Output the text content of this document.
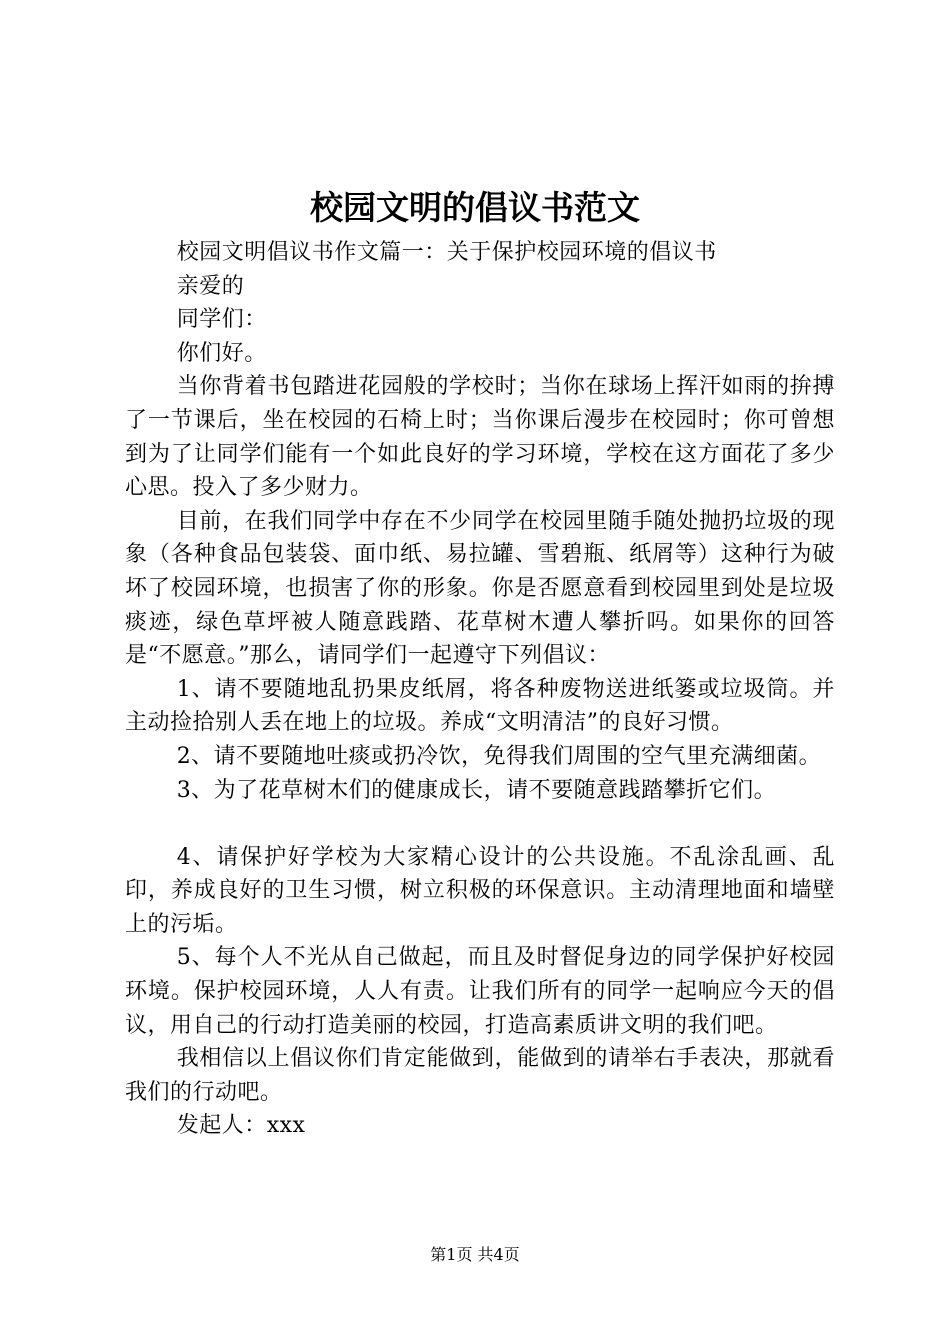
校园文明的倡议书范文

校园文明倡议书作文篇一：关于保护校园环境的倡议书

亲爱的

同学们：

你们好。

当你背着书包踏进花园般的学校时；当你在球场上挥汗如雨的拚搏了一节课后，坐在校园的石椅上时；当你课后漫步在校园时；你可曾想到为了让同学们能有一个如此良好的学习环境，学校在这方面花了多少心思。投入了多少财力。

目前，在我们同学中存在不少同学在校园里随手随处抛扔垃圾的现象（各种食品包装袋、面巾纸、易拉罐、雪碧瓶、纸屑等）这种行为破坏了校园环境，也损害了你的形象。你是否愿意看到校园里到处是垃圾痰迹，绿色草坪被人随意践踏、花草树木遭人攀折吗。如果你的回答是“不愿意。”那么，请同学们一起遵守下列倡议：

1、请不要随地乱扔果皮纸屑，将各种废物送进纸篓或垃圾筒。并主动捡拾别人丢在地上的垃圾。养成“文明清洁”的良好习惯。

2、请不要随地吐痰或扔冷饮，免得我们周围的空气里充满细菌。

3、为了花草树木们的健康成长，请不要随意践踏攀折它们。

4、请保护好学校为大家精心设计的公共设施。不乱涂乱画、乱印，养成良好的卫生习惯，树立积极的环保意识。主动清理地面和墙壁上的污垢。

5、每个人不光从自己做起，而且及时督促身边的同学保护好校园环境。保护校园环境，人人有责。让我们所有的同学一起响应今天的倡议，用自己的行动打造美丽的校园，打造高素质讲文明的我们吧。

我相信以上倡议你们肯定能做到，能做到的请举右手表决，那就看我们的行动吧。

发起人：xxx

第1页 共4页
